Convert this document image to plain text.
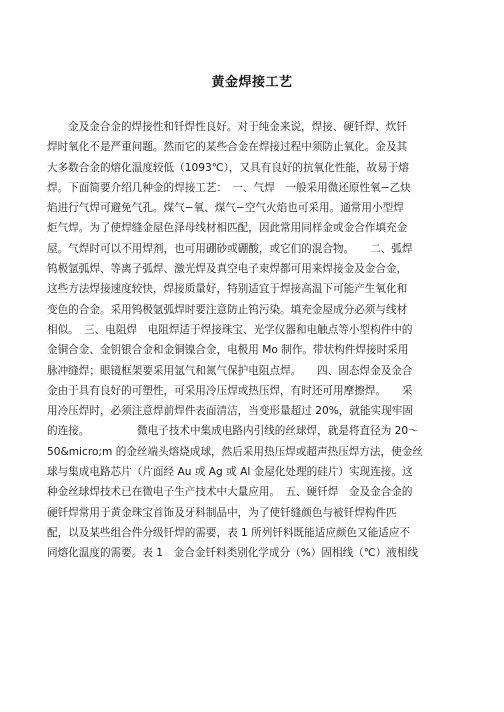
黄金焊接工艺
金及金合金的焊接性和钎焊性良好。对于纯金来说，焊接、硬钎焊、炊钎
焊时氧化不是严重问题。然而它的某些合金在焊接过程中须防止氧化。金及其
大多数合金的熔化温度较低（1093℃），又具有良好的抗氧化性能，故易于熔
焊。下面简要介绍几种金的焊接工艺：　一、气焊　一般采用微还原性氧−乙炔
焰进行气焊可避免气孔。煤气−氧、煤气−空气火焰也可采用。通常用小型焊
炬气焊。为了使焊缝金屋色泽母线材相匹配，因此常用同样金或金合作填充金
屋。气焊时可以不用焊剂，也可用硼砂或硼酸，或它们的混合物。　　二、弧焊
钨极氩弧焊、等离子弧焊、激光焊及真空电子束焊都可用来焊接金及金合金，
这些方法焊接速度较快，焊接质量好，特别适宜于焊接高温下可能产生氧化和
变色的合金。采用钨极氩弧焊时要注意防止钨污染。填充金屋成分必须与线材
相似。　三、电阻焊　电阻焊适于焊接珠宝、光学仪器和电触点等小型构件中的
金铜合金、金钥银合金和金铜镍合金，电极用 Mo 制作。带状构件焊接时采用
脉冲缝焊；眼镜框架要采用氩气和氮气保护电阻点焊。　　四、固态焊金及金合
金由于具有良好的可塑性，可采用冷压焊或热压焊，有时还可用摩擦焊。　　采
用冷压焊时，必须注意焊前焊件表面清洁，当变形量超过 20%，就能实现牢固
的连接。　　　　　微电子技术中集成电路内引线的丝球焊，就是将直径为 20～
50&micro;m 的金丝端头熔烧成球，然后采用热压焊或超声热压焊方法，使金丝
球与集成电路芯片（片面经 Au 或 Ag 或 Al 金屋化处理的硅片）实现连接。这
种金丝球焊技术已在微电子生产技术中大量应用。　五、硬钎焊　金及金合金的
硬钎焊常用于黄金珠宝首饰及牙科制品中，为了使钎缝颜色与被钎焊构件匹
配，以及某些组合件分级钎焊的需要，表 1 所列钎料既能适应颜色又能适应不
同熔化温度的需要。表 1　金合金钎料类别化学成分（%）固相线（℃）液相线
